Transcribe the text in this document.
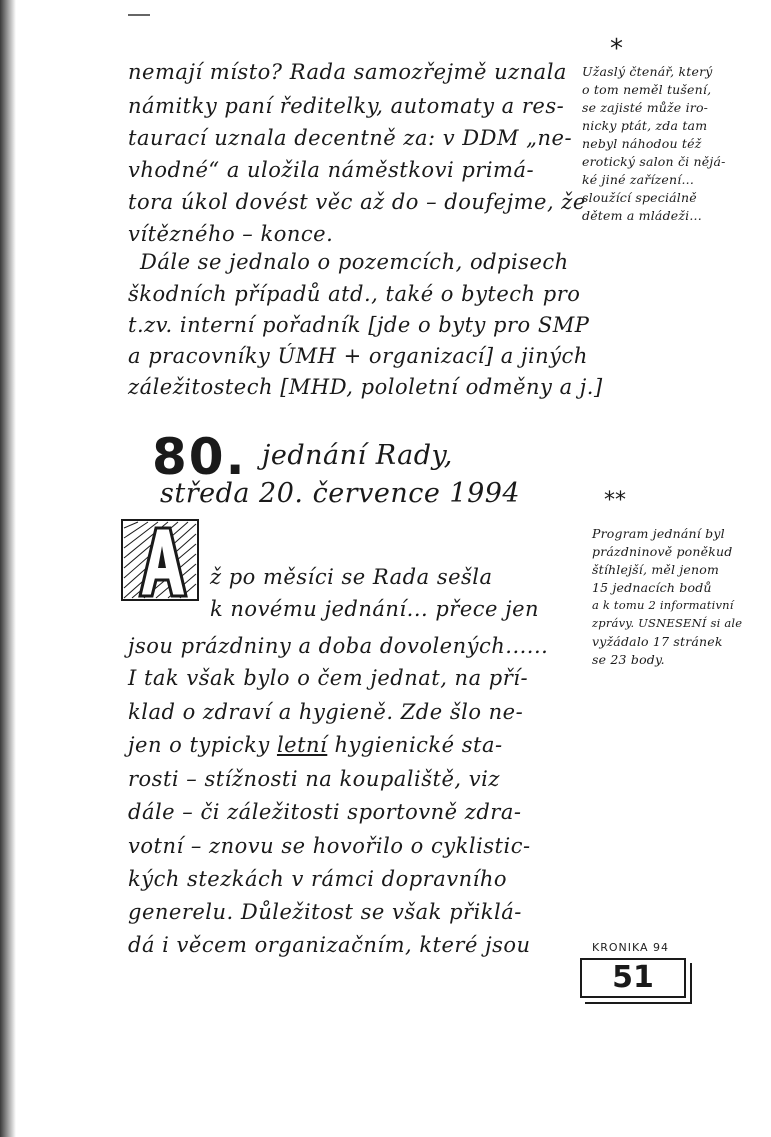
nemají místo? Rada samozřejmě uznala
námitky paní ředitelky, automaty a res-
taurací uznala decentně za: v DDM „ne-
vhodné“ a uložila náměstkovi primá-
tora úkol dovést věc až do – doufejme, že
vítězného – konce.
Dále se jednalo o pozemcích, odpisech
škodních případů atd., také o bytech pro
t.zv. interní pořadník [jde o byty pro SMP
a pracovníky ÚMH + organizací] a jiných
záležitostech [MHD, pololetní odměny a j.]
80. jednání Rady,
středa 20. července 1994
ž po měsíci se Rada sešla
k novému jednání... přece jen
jsou prázdniny a doba dovolených......
I tak však bylo o čem jednat, na pří-
klad o zdraví a hygieně. Zde šlo ne-
jen o typicky letní hygienické sta-
rosti – stížnosti na koupaliště, viz
dále – či záležitosti sportovně zdra-
votní – znovu se hovořilo o cyklistic-
kých stezkách v rámci dopravního
generelu. Důležitost se však přiklá-
dá i věcem organizačním, které jsou
*
Užaslý čtenář, který
o tom neměl tušení,
se zajisté může iro-
nicky ptát, zda tam
nebyl náhodou též
erotický salon či nějá-
ké jiné zařízení...
sloužící speciálně
dětem a mládeži...
**
Program jednání byl
prázdninově poněkud
štíhlejší, měl jenom
15 jednacích bodů
a k tomu 2 informativní
zprávy. USNESENÍ si ale
vyžádalo 17 stránek
se 23 body.
KRONIKA 94
51
